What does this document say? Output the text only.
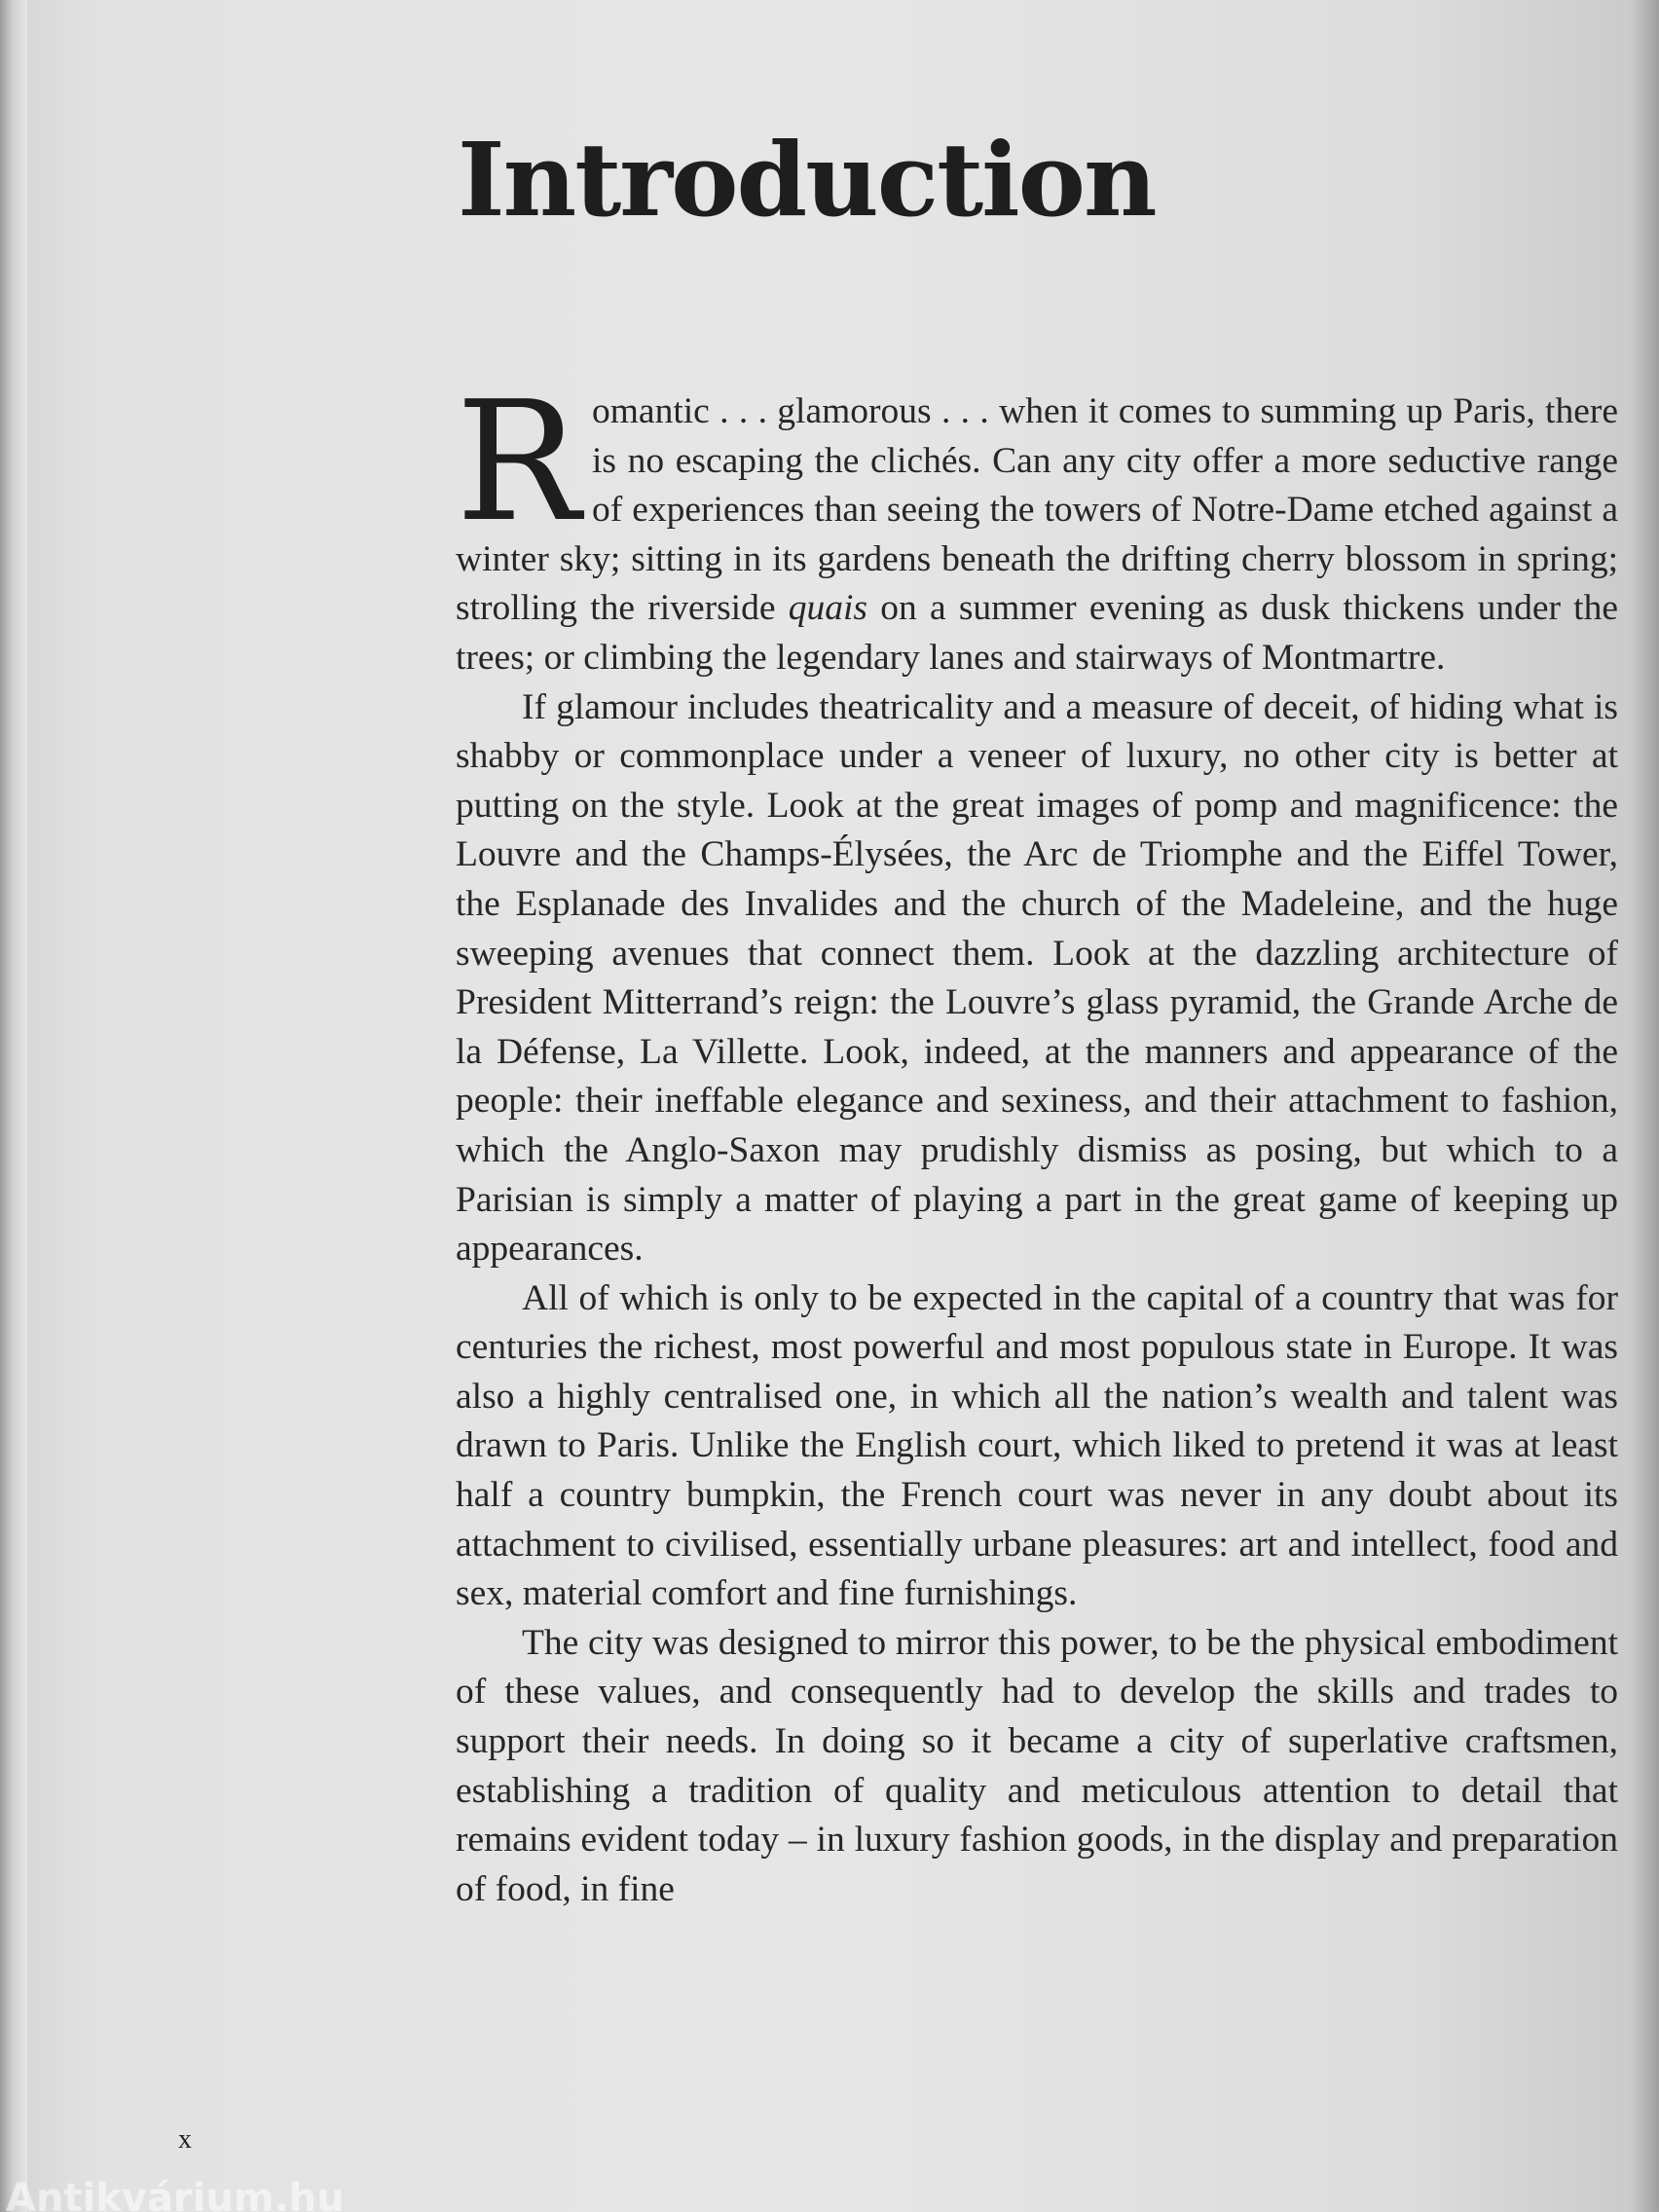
Introduction

Romantic . . . glamorous . . . when it comes to summing up Paris, there is no escaping the clichés. Can any city offer a more seductive range of experiences than seeing the towers of Notre-Dame etched against a winter sky; sitting in its gardens beneath the drifting cherry blossom in spring; strolling the riverside quais on a summer evening as dusk thickens under the trees; or climbing the legendary lanes and stairways of Montmartre.

If glamour includes theatricality and a measure of deceit, of hiding what is shabby or commonplace under a veneer of luxury, no other city is better at putting on the style. Look at the great images of pomp and magnificence: the Louvre and the Champs-Élysées, the Arc de Triomphe and the Eiffel Tower, the Esplanade des Invalides and the church of the Madeleine, and the huge sweeping avenues that connect them. Look at the dazzling architecture of President Mitterrand’s reign: the Louvre’s glass pyramid, the Grande Arche de la Défense, La Villette. Look, indeed, at the manners and appearance of the people: their ineffable elegance and sexiness, and their attachment to fashion, which the Anglo-Saxon may prudishly dismiss as posing, but which to a Parisian is simply a matter of playing a part in the great game of keeping up appearances.

All of which is only to be expected in the capital of a country that was for centuries the richest, most powerful and most populous state in Europe. It was also a highly centralised one, in which all the nation’s wealth and talent was drawn to Paris. Unlike the English court, which liked to pretend it was at least half a country bumpkin, the French court was never in any doubt about its attachment to civilised, essentially urbane pleasures: art and intellect, food and sex, material comfort and fine furnishings.

The city was designed to mirror this power, to be the physical embodiment of these values, and consequently had to develop the skills and trades to support their needs. In doing so it became a city of superlative craftsmen, establishing a tradition of quality and meticulous attention to detail that remains evident today – in luxury fashion goods, in the display and preparation of food, in fine

x
Antikvárium.hu
